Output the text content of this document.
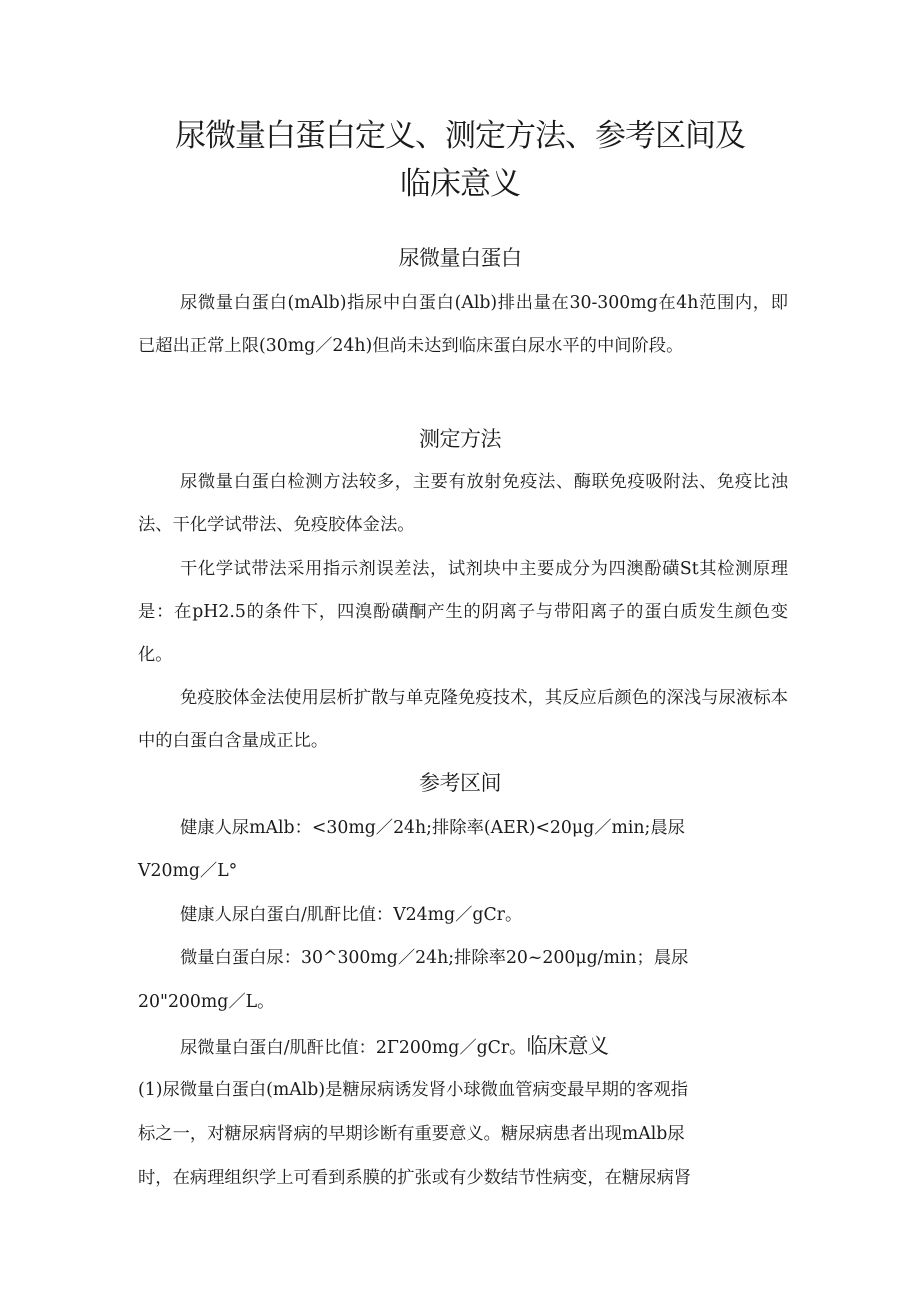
尿微量白蛋白定义、测定方法、参考区间及
临床意义
尿微量白蛋白

尿微量白蛋白(mAlb)指尿中白蛋白(Alb)排出量在30-300mg在4h范围内，即已超出正常上限(30mg／24h)但尚未达到临床蛋白尿水平的中间阶段。

测定方法

尿微量白蛋白检测方法较多，主要有放射免疫法、酶联免疫吸附法、免疫比浊法、干化学试带法、免疫胶体金法。

干化学试带法采用指示剂误差法，试剂块中主要成分为四澳酚磺St其检测原理是：在pH2.5的条件下，四溴酚磺酮产生的阴离子与带阳离子的蛋白质发生颜色变化。

免疫胶体金法使用层析扩散与单克隆免疫技术，其反应后颜色的深浅与尿液标本中的白蛋白含量成正比。

参考区间
健康人尿mAlb：<30mg／24h;排除率(AER)<20μg／min;晨尿
V20mg／L°
健康人尿白蛋白/肌酐比值：V24mg／gCr。
微量白蛋白尿：30^300mg／24h;排除率20~200μg/min；晨尿
20"200mg／L。
尿微量白蛋白/肌酐比值：2Γ200mg／gCr。临床意义
(1)尿微量白蛋白(mAlb)是糖尿病诱发肾小球微血管病变最早期的客观指
标之一，对糖尿病肾病的早期诊断有重要意义。糖尿病患者出现mAlb尿
时，在病理组织学上可看到系膜的扩张或有少数结节性病变，在糖尿病肾
